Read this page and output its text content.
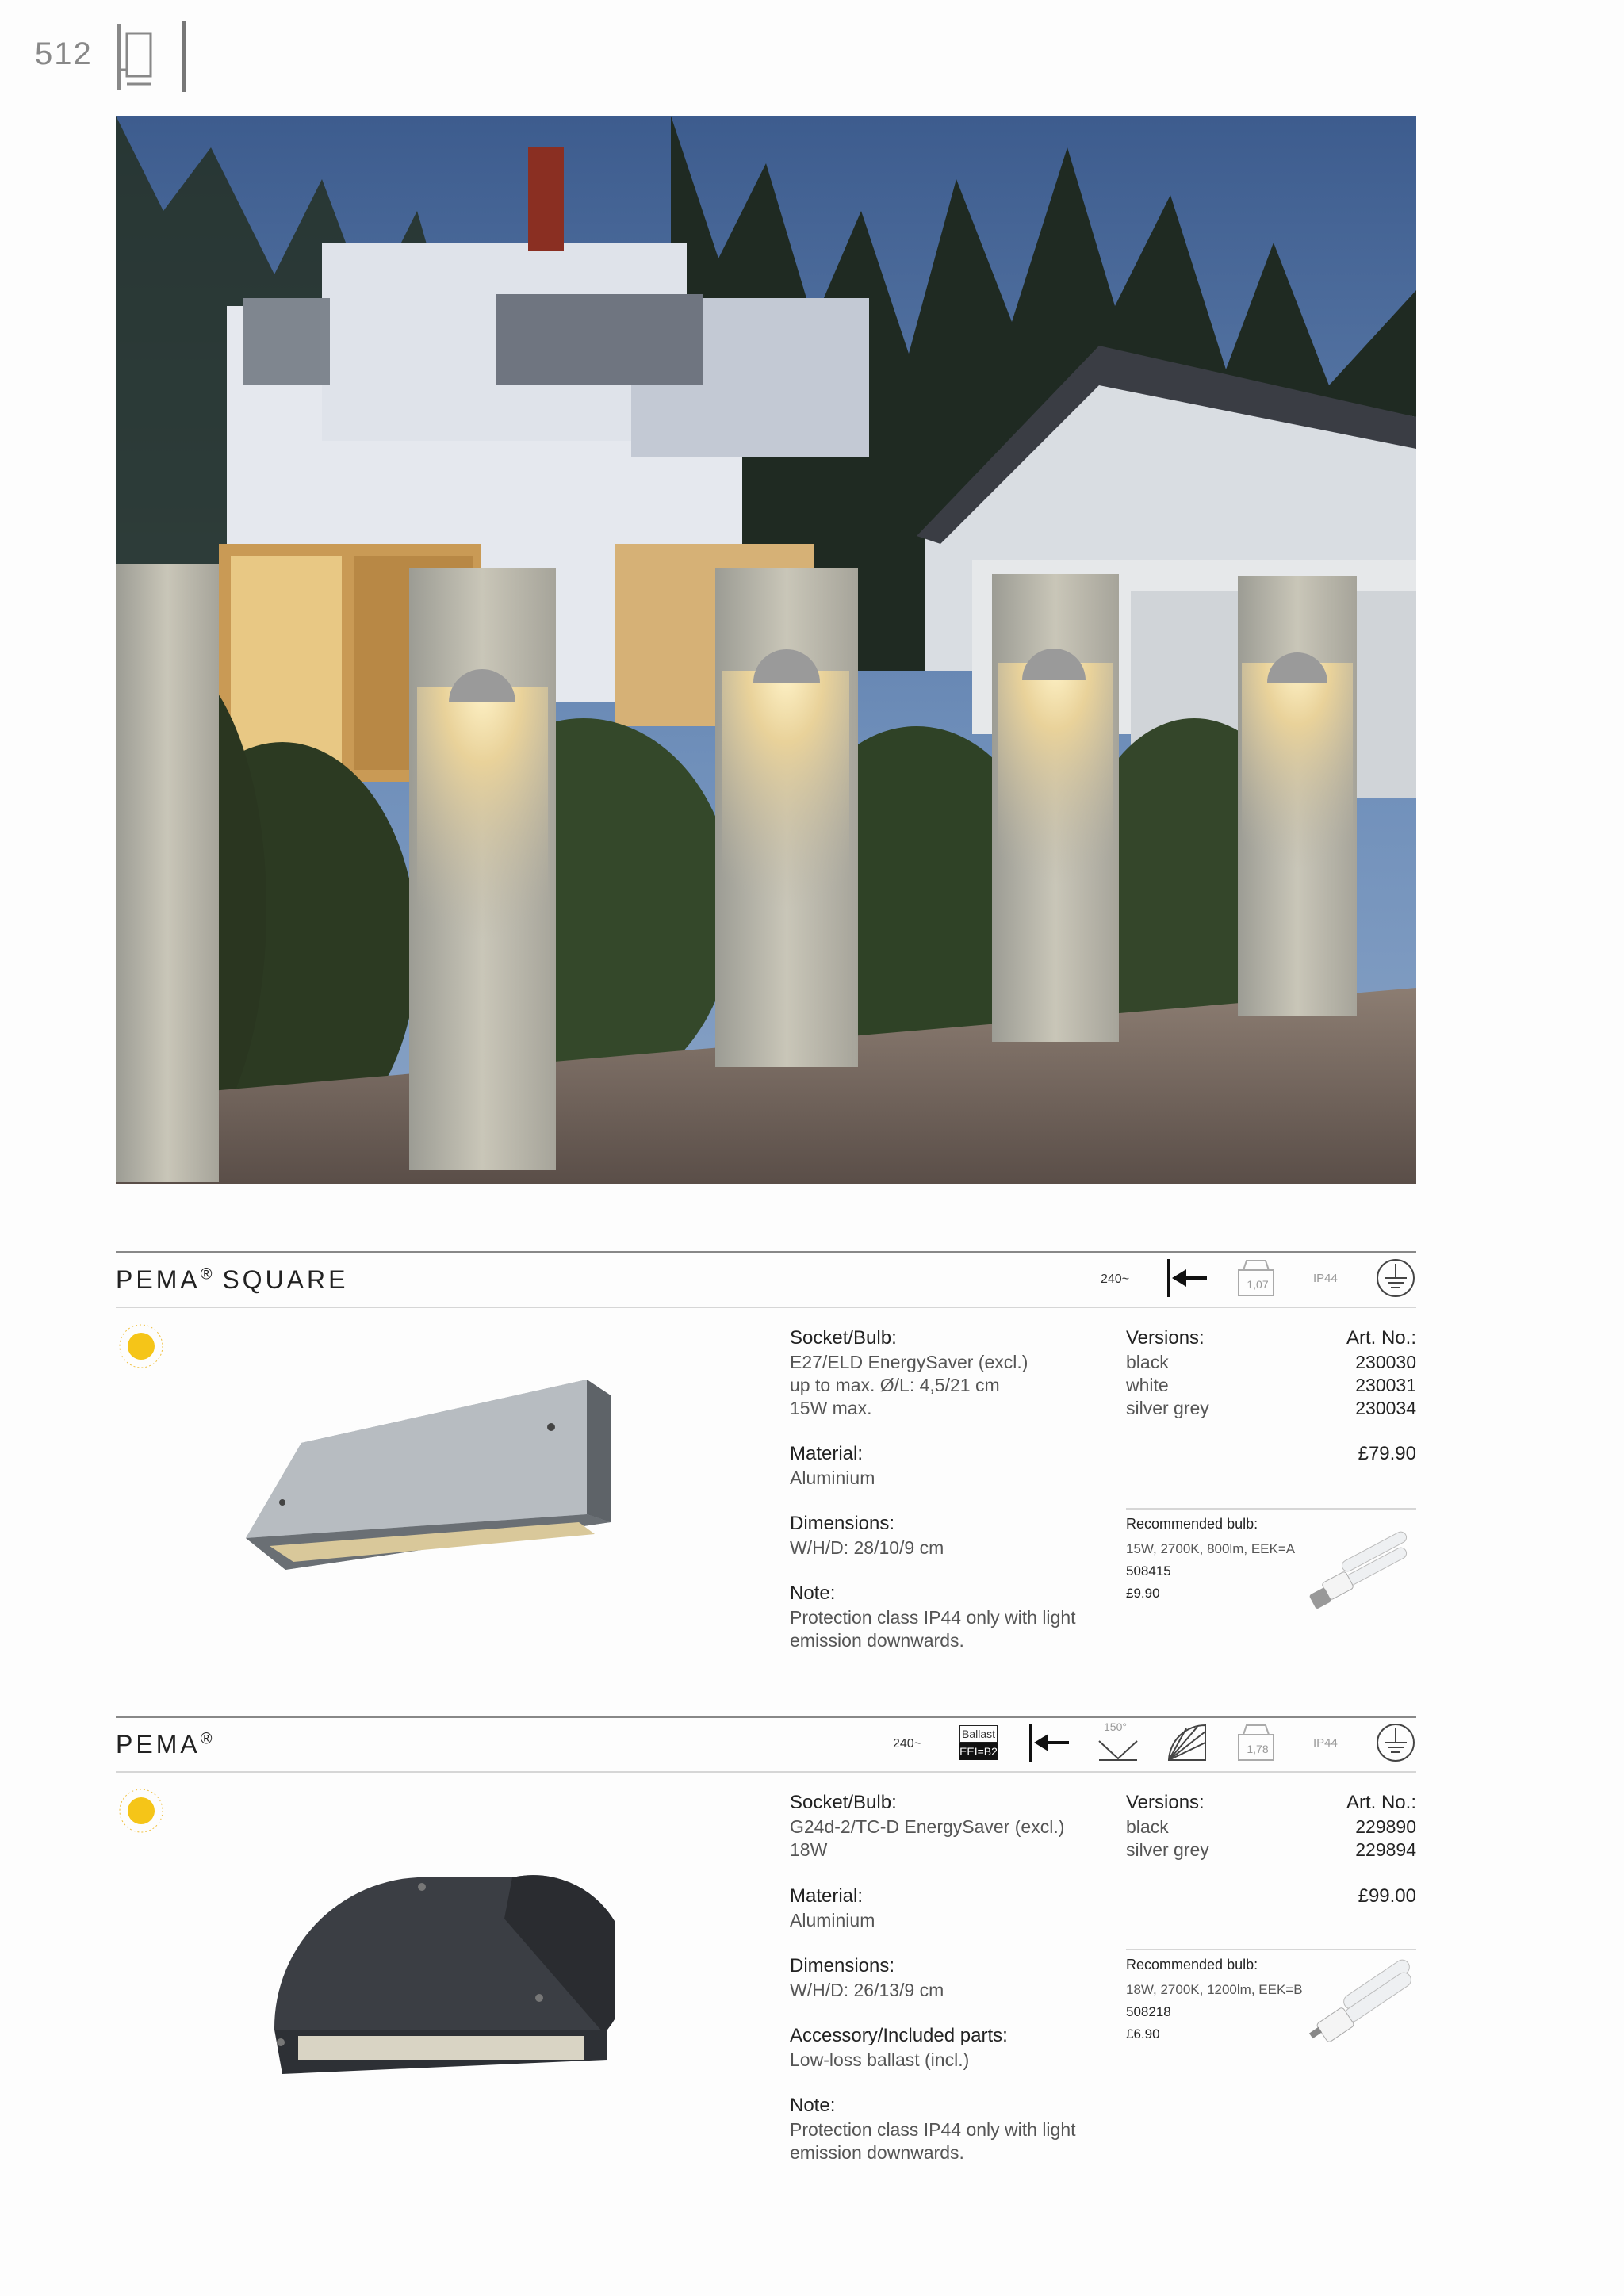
512
PEMA® SQUARE	240~	1,07	IP44
Socket/Bulb:
E27/ELD EnergySaver (excl.)
up to max. Ø/L: 4,5/21 cm
15W max.
Material:
Aluminium
Dimensions:
W/H/D: 28/10/9 cm
Note:
Protection class IP44 only with light
emission downwards.
Versions:	Art. No.:
black	230030
white	230031
silver grey	230034
£79.90
Recommended bulb:
15W, 2700K, 800lm, EEK=A
508415
£9.90
PEMA®	240~
Ballast
EEI=B2
150°
1,78	IP44
Socket/Bulb:
G24d-2/TC-D EnergySaver (excl.)
18W
Material:
Aluminium
Dimensions:
W/H/D: 26/13/9 cm
Accessory/Included parts:
Low-loss ballast (incl.)
Note:
Protection class IP44 only with light
emission downwards.
Versions:	Art. No.:
black	229890
silver grey	229894
£99.00
Recommended bulb:
18W, 2700K, 1200lm, EEK=B
508218
£6.90
